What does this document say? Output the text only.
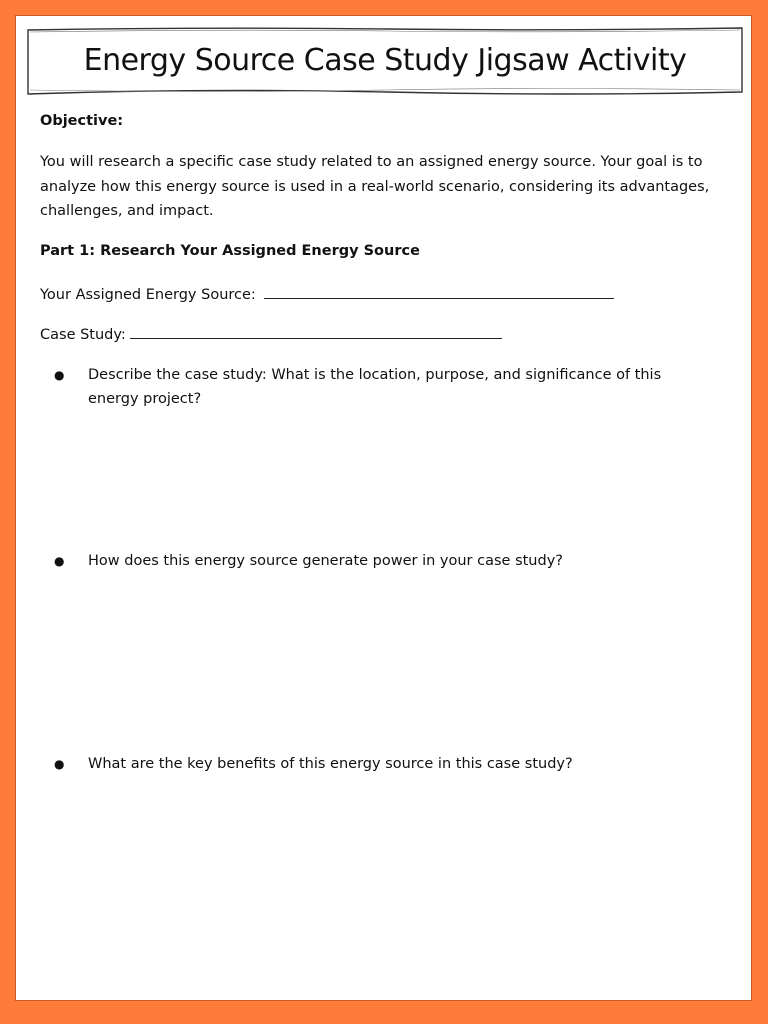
Energy Source Case Study Jigsaw Activity
Objective:
You will research a specific case study related to an assigned energy source. Your goal is to analyze how this energy source is used in a real-world scenario, considering its advantages, challenges, and impact.
Part 1: Research Your Assigned Energy Source
Your Assigned Energy Source:
Case Study:
● Describe the case study: What is the location, purpose, and significance of this energy project?
● How does this energy source generate power in your case study?
● What are the key benefits of this energy source in this case study?
